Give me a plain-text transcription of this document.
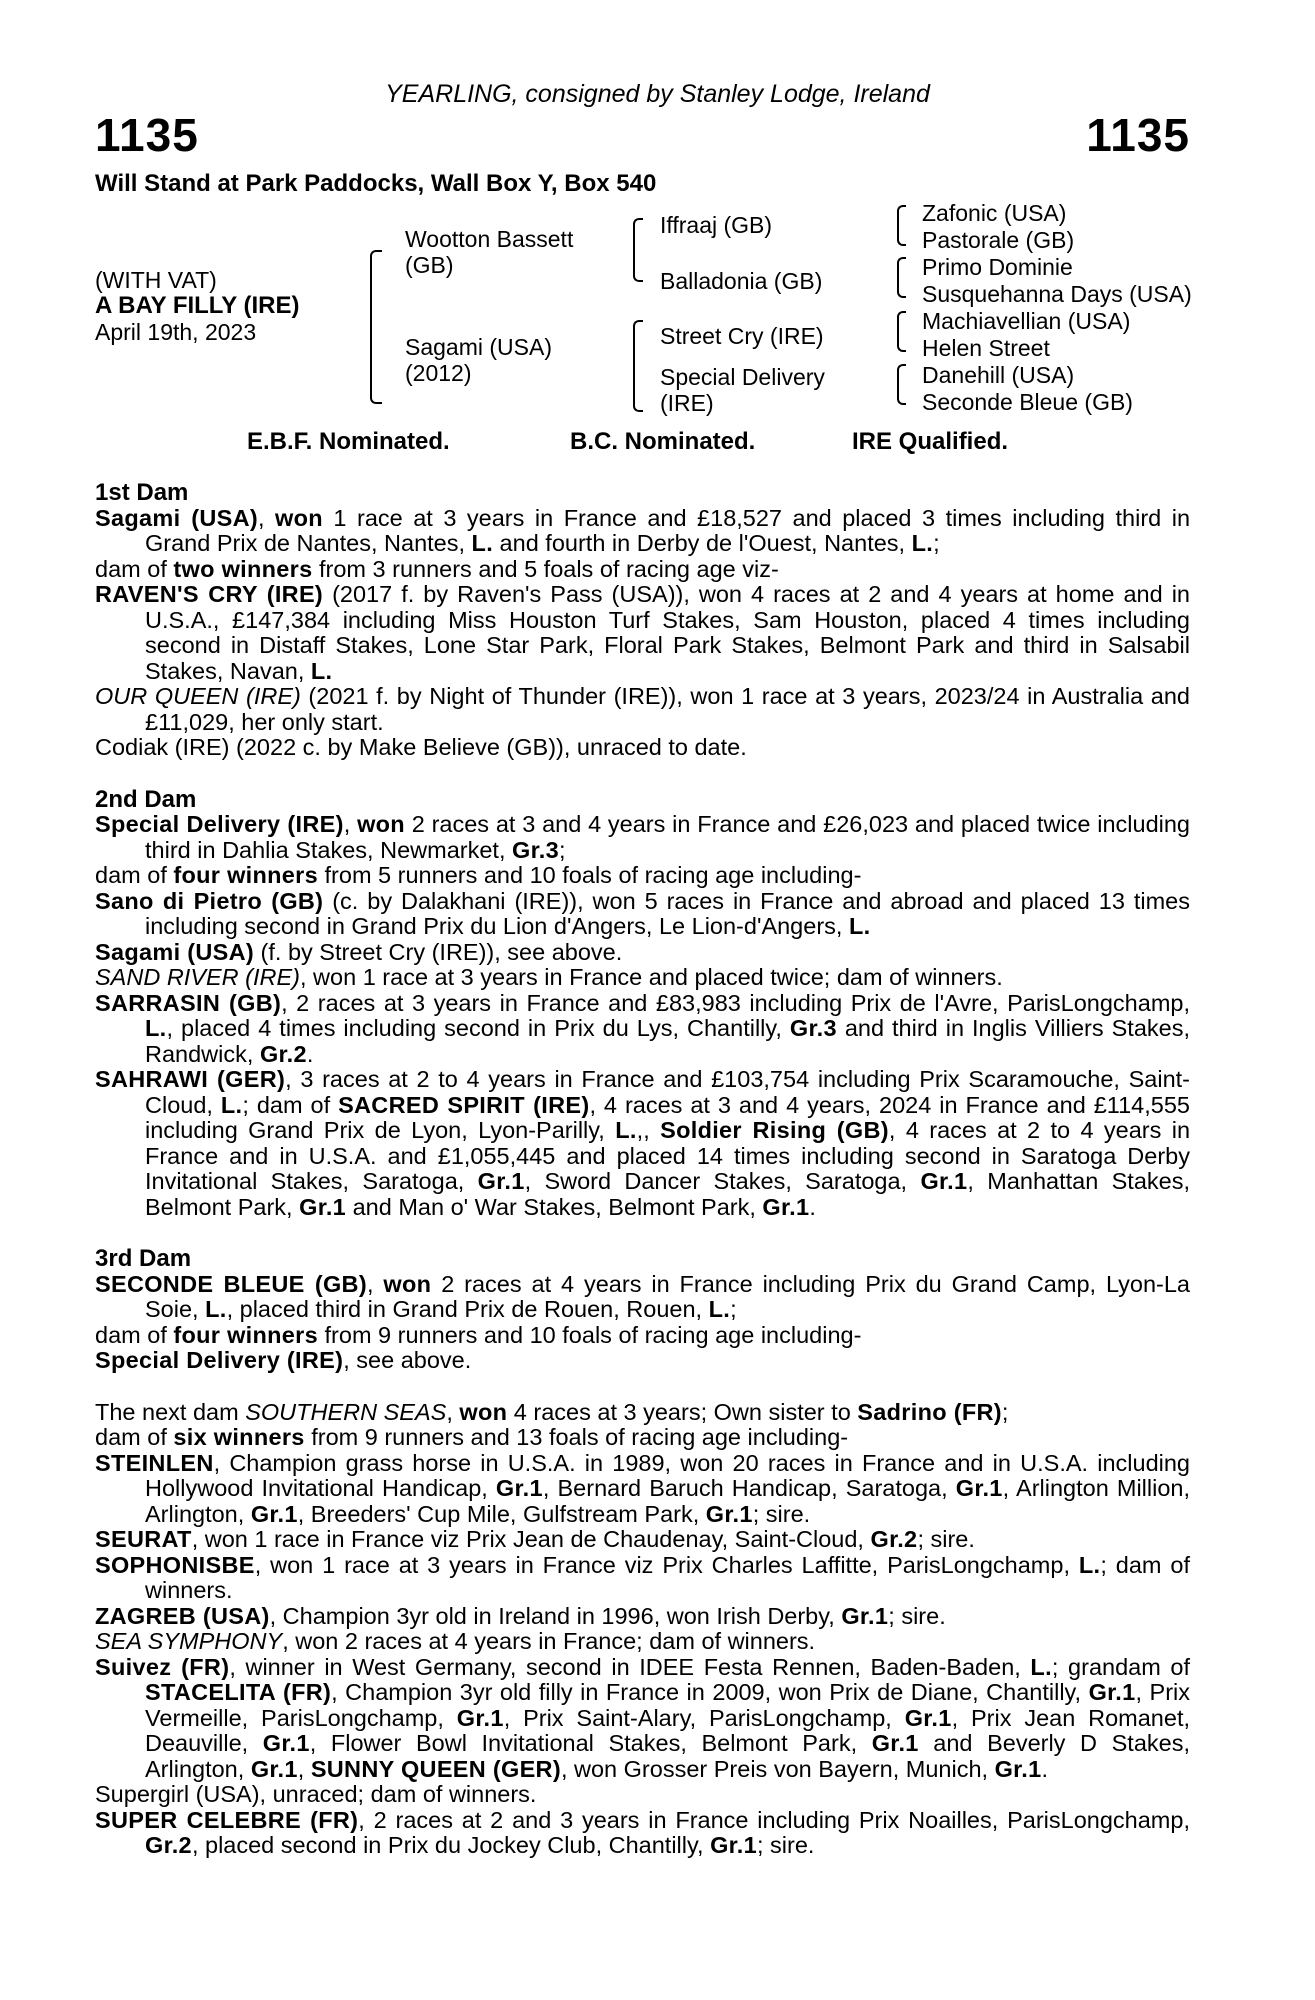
YEARLING, consigned by Stanley Lodge, Ireland
1135	1135
Will Stand at Park Paddocks, Wall Box Y, Box 540
(WITH VAT)
A BAY FILLY (IRE)
April 19th, 2023
Wootton Bassett (GB)
Sagami (USA) (2012)
Iffraaj (GB)
Balladonia (GB)
Street Cry (IRE)
Special Delivery (IRE)
Zafonic (USA)
Pastorale (GB)
Primo Dominie
Susquehanna Days (USA)
Machiavellian (USA)
Helen Street
Danehill (USA)
Seconde Bleue (GB)
E.B.F. Nominated.	B.C. Nominated.	IRE Qualified.
1st Dam

Sagami (USA), won 1 race at 3 years in France and £18,527 and placed 3 times including third in Grand Prix de Nantes, Nantes, L. and fourth in Derby de l'Ouest, Nantes, L.;

dam of two winners from 3 runners and 5 foals of racing age viz-

RAVEN'S CRY (IRE) (2017 f. by Raven's Pass (USA)), won 4 races at 2 and 4 years at home and in U.S.A., £147,384 including Miss Houston Turf Stakes, Sam Houston, placed 4 times including second in Distaff Stakes, Lone Star Park, Floral Park Stakes, Belmont Park and third in Salsabil Stakes, Navan, L.

OUR QUEEN (IRE) (2021 f. by Night of Thunder (IRE)), won 1 race at 3 years, 2023/24 in Australia and £11,029, her only start.

Codiak (IRE) (2022 c. by Make Believe (GB)), unraced to date.

2nd Dam

Special Delivery (IRE), won 2 races at 3 and 4 years in France and £26,023 and placed twice including third in Dahlia Stakes, Newmarket, Gr.3;

dam of four winners from 5 runners and 10 foals of racing age including-

Sano di Pietro (GB) (c. by Dalakhani (IRE)), won 5 races in France and abroad and placed 13 times including second in Grand Prix du Lion d'Angers, Le Lion-d'Angers, L.

Sagami (USA) (f. by Street Cry (IRE)), see above.

SAND RIVER (IRE), won 1 race at 3 years in France and placed twice; dam of winners.

SARRASIN (GB), 2 races at 3 years in France and £83,983 including Prix de l'Avre, ParisLongchamp, L., placed 4 times including second in Prix du Lys, Chantilly, Gr.3 and third in Inglis Villiers Stakes, Randwick, Gr.2.

SAHRAWI (GER), 3 races at 2 to 4 years in France and £103,754 including Prix Scaramouche, Saint-Cloud, L.; dam of SACRED SPIRIT (IRE), 4 races at 3 and 4 years, 2024 in France and £114,555 including Grand Prix de Lyon, Lyon-Parilly, L.,, Soldier Rising (GB), 4 races at 2 to 4 years in France and in U.S.A. and £1,055,445 and placed 14 times including second in Saratoga Derby Invitational Stakes, Saratoga, Gr.1, Sword Dancer Stakes, Saratoga, Gr.1, Manhattan Stakes, Belmont Park, Gr.1 and Man o' War Stakes, Belmont Park, Gr.1.

3rd Dam

SECONDE BLEUE (GB), won 2 races at 4 years in France including Prix du Grand Camp, Lyon-La Soie, L., placed third in Grand Prix de Rouen, Rouen, L.;

dam of four winners from 9 runners and 10 foals of racing age including-

Special Delivery (IRE), see above.

The next dam SOUTHERN SEAS, won 4 races at 3 years; Own sister to Sadrino (FR);

dam of six winners from 9 runners and 13 foals of racing age including-

STEINLEN, Champion grass horse in U.S.A. in 1989, won 20 races in France and in U.S.A. including Hollywood Invitational Handicap, Gr.1, Bernard Baruch Handicap, Saratoga, Gr.1, Arlington Million, Arlington, Gr.1, Breeders' Cup Mile, Gulfstream Park, Gr.1; sire.

SEURAT, won 1 race in France viz Prix Jean de Chaudenay, Saint-Cloud, Gr.2; sire.

SOPHONISBE, won 1 race at 3 years in France viz Prix Charles Laffitte, ParisLongchamp, L.; dam of winners.

ZAGREB (USA), Champion 3yr old in Ireland in 1996, won Irish Derby, Gr.1; sire.

SEA SYMPHONY, won 2 races at 4 years in France; dam of winners.

Suivez (FR), winner in West Germany, second in IDEE Festa Rennen, Baden-Baden, L.; grandam of STACELITA (FR), Champion 3yr old filly in France in 2009, won Prix de Diane, Chantilly, Gr.1, Prix Vermeille, ParisLongchamp, Gr.1, Prix Saint-Alary, ParisLongchamp, Gr.1, Prix Jean Romanet, Deauville, Gr.1, Flower Bowl Invitational Stakes, Belmont Park, Gr.1 and Beverly D Stakes, Arlington, Gr.1, SUNNY QUEEN (GER), won Grosser Preis von Bayern, Munich, Gr.1.

Supergirl (USA), unraced; dam of winners.

SUPER CELEBRE (FR), 2 races at 2 and 3 years in France including Prix Noailles, ParisLongchamp, Gr.2, placed second in Prix du Jockey Club, Chantilly, Gr.1; sire.
